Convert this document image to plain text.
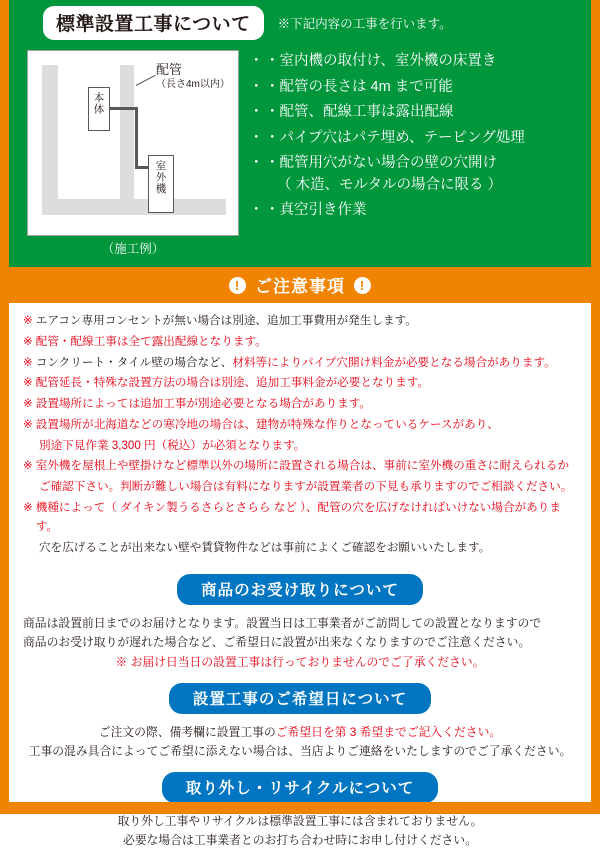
標準設置工事について	※下記内容の工事を行います。
本体
配管
（長さ4m以内）
室外機
（施工例）
・ ・室内機の取付け、室外機の床置き
・ ・配管の長さは 4m まで可能
・ ・配管、配線工事は露出配線
・ ・パイプ穴はパテ埋め、テーピング処理
・ ・配管用穴がない場合の壁の穴開け
（ 木造、モルタルの場合に限る ）
・ ・真空引き作業
! ご注意事項 !
※ エアコン専用コンセントが無い場合は別途、追加工事費用が発生します。
※ 配管・配線工事は全て露出配線となります。
※ コンクリート・タイル壁の場合など、材料等によりパイプ穴開け料金が必要となる場合があります。
※ 配管延長・特殊な設置方法の場合は別途、追加工事料金が必要となります。
※ 設置場所によっては追加工事が別途必要となる場合があります。
※ 設置場所が北海道などの寒冷地の場合は、建物が特殊な作りとなっているケースがあり、
別途下見作業 3,300 円（税込）が必須となります。
※ 室外機を屋根上や壁掛けなど標準以外の場所に設置される場合は、事前に室外機の重さに耐えられるか
ご確認下さい。判断が難しい場合は有料になりますが設置業者の下見も承りますのでご相談ください。
※ 機種によって（ ダイキン製うるさらとさらら など ）、配管の穴を広げなければいけない場合があります。
穴を広げることが出来ない壁や賃貸物件などは事前によくご確認をお願いいたします。
商品のお受け取りについて

商品は設置前日までのお届けとなります。設置当日は工事業者がご訪問しての設置となりますので

商品のお受け取りが遅れた場合など、ご希望日に設置が出来なくなりますのでご注意ください。

※ お届け日当日の設置工事は行っておりませんのでご了承ください。

設置工事のご希望日について

ご注文の際、備考欄に設置工事のご希望日を第 3 希望までご記入ください。

工事の混み具合によってご希望に添えない場合は、当店よりご連絡をいたしますのでご了承ください。

取り外し・リサイクルについて

取り外し工事やリサイクルは標準設置工事には含まれておりません。

必要な場合は工事業者とのお打ち合わせ時にお申し付けください。
